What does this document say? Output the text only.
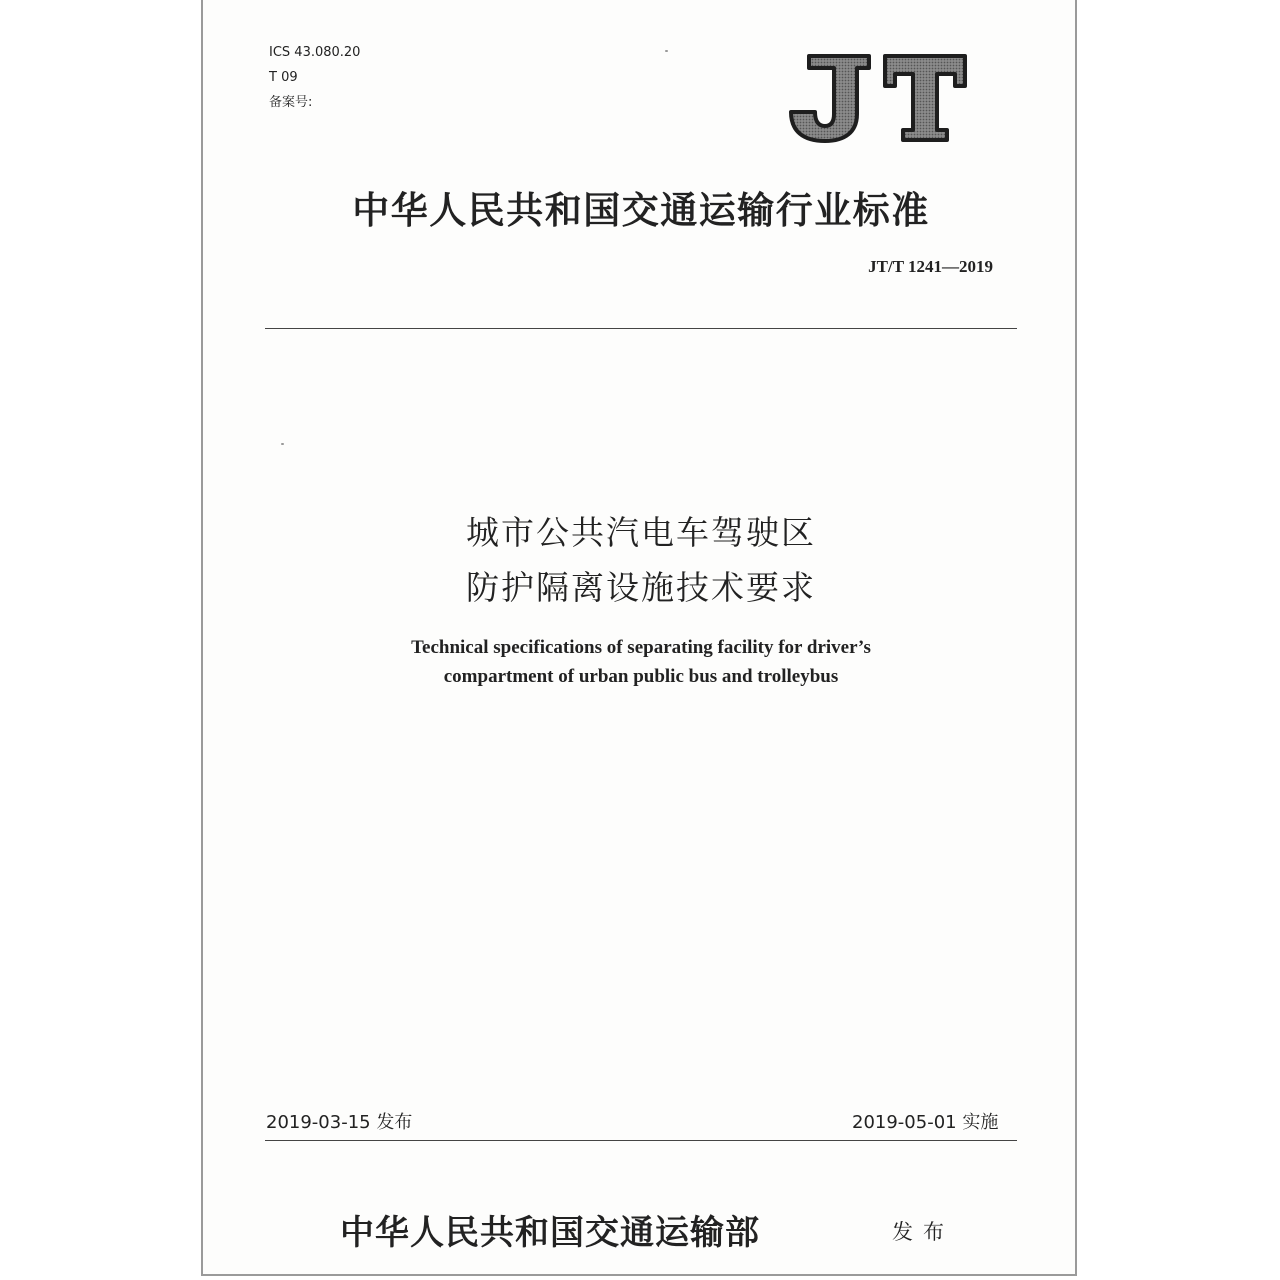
ICS 43.080.20
T 09
备案号:
中华人民共和国交通运输行业标准
JT/T 1241—2019
城市公共汽电车驾驶区
防护隔离设施技术要求
Technical specifications of separating facility for driver’s
compartment of urban public bus and trolleybus
2019-03-15 发布	2019-05-01 实施
中华人民共和国交通运输部	发布
